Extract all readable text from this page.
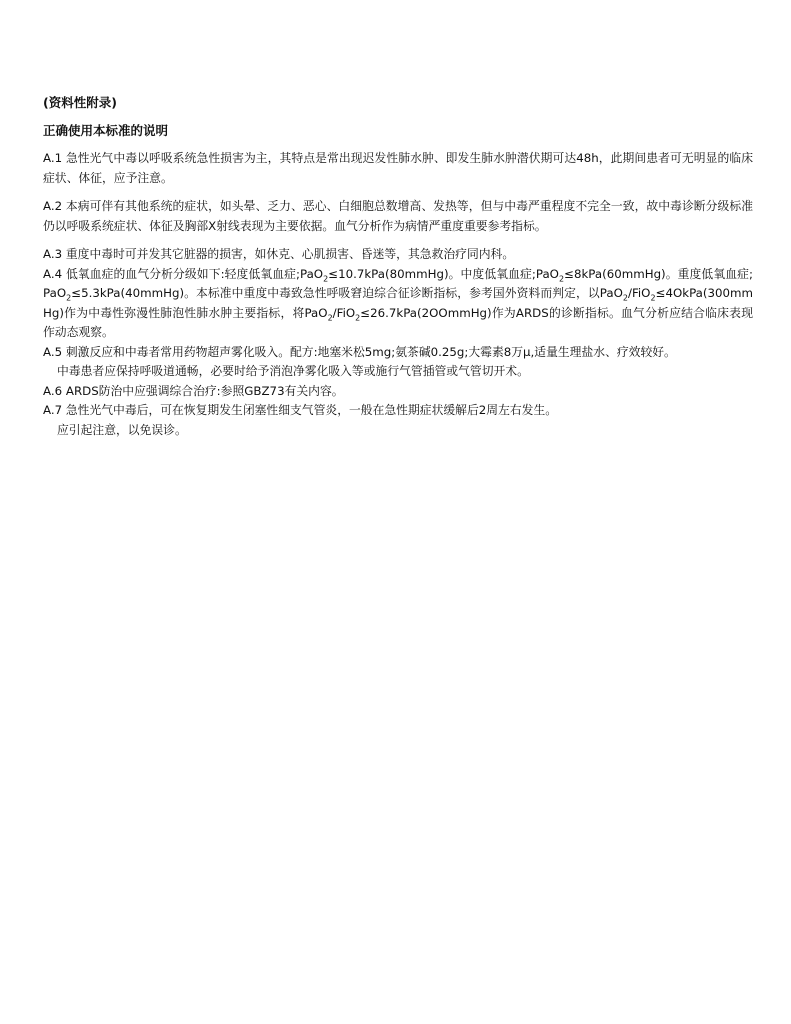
(资料性附录)

正确使用本标准的说明

A.1 急性光气中毒以呼吸系统急性损害为主，其特点是常出现迟发性肺水肿、即发生肺水肿潜伏期可达48h，此期间患者可无明显的临床症状、体征，应予注意。

A.2 本病可伴有其他系统的症状，如头晕、乏力、恶心、白细胞总数增高、发热等，但与中毒严重程度不完全一致，故中毒诊断分级标准仍以呼吸系统症状、体征及胸部X射线表现为主要依据。血气分析作为病情严重度重要参考指标。

A.3 重度中毒时可并发其它脏器的损害，如休克、心肌损害、昏迷等，其急救治疗同内科。

A.4 低氧血症的血气分析分级如下:轻度低氧血症;PaO$_2$≤10.7kPa(80mmHg)。中度低氧血症;PaO$_2$≤8kPa(60mmHg)。重度低氧血症;PaO$_2$≤5.3kPa(40mmHg)。本标准中重度中毒致急性呼吸窘迫综合征诊断指标，参考国外资料而判定，以PaO$_2$/FiO$_2$≤4OkPa(300mmHg)作为中毒性弥漫性肺泡性肺水肿主要指标，将PaO$_2$/FiO$_2$≤26.7kPa(2OOmmHg)作为ARDS的诊断指标。血气分析应结合临床表现作动态观察。

A.5 刺激反应和中毒者常用药物超声雾化吸入。配方:地塞米松5mg;氨茶碱0.25g;大霉素8万μ,适量生理盐水、疗效较好。
中毒患者应保持呼吸道通畅，必要时给予消泡净雾化吸入等或施行气管插管或气管切开术。

A.6 ARDS防治中应强调综合治疗:参照GBZ73有关内容。

A.7 急性光气中毒后，可在恢复期发生闭塞性细支气管炎，一般在急性期症状缓解后2周左右发生。
应引起注意，以免误诊。
